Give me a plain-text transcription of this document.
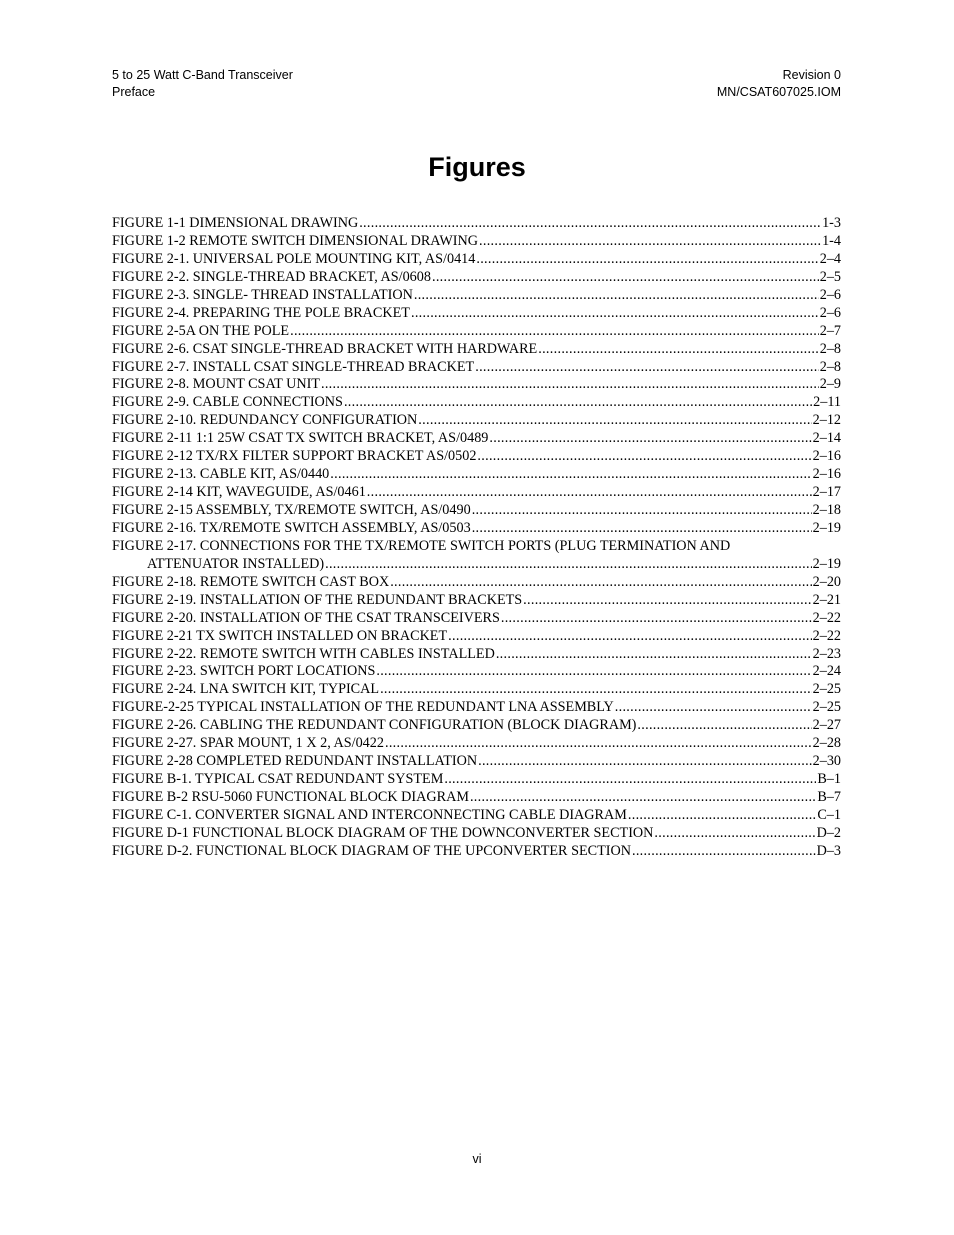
5 to 25 Watt C-Band Transceiver
Preface
Revision 0
MN/CSAT607025.IOM
Figures
FIGURE 1-1 DIMENSIONAL DRAWING .....	1-3
FIGURE 1-2 REMOTE SWITCH DIMENSIONAL DRAWING .....	1-4
FIGURE 2-1. UNIVERSAL POLE MOUNTING KIT, AS/0414 .....	2–4
FIGURE 2-2. SINGLE-THREAD BRACKET, AS/0608 .....	2–5
FIGURE 2-3. SINGLE- THREAD INSTALLATION .....	2–6
FIGURE 2-4. PREPARING THE POLE BRACKET .....	2–6
FIGURE 2-5A ON THE POLE .....	2–7
FIGURE 2-6. CSAT SINGLE-THREAD BRACKET WITH HARDWARE .....	2–8
FIGURE 2-7. INSTALL CSAT SINGLE-THREAD BRACKET .....	2–8
FIGURE 2-8. MOUNT CSAT UNIT .....	2–9
FIGURE 2-9. CABLE CONNECTIONS .....	2–11
FIGURE 2-10. REDUNDANCY CONFIGURATION .....	2–12
FIGURE 2-11 1:1 25W CSAT TX SWITCH BRACKET, AS/0489 .....	2–14
FIGURE 2-12 TX/RX FILTER SUPPORT BRACKET AS/0502 .....	2–16
FIGURE 2-13. CABLE KIT, AS/0440 .....	2–16
FIGURE 2-14 KIT, WAVEGUIDE, AS/0461 .....	2–17
FIGURE 2-15 ASSEMBLY, TX/REMOTE SWITCH, AS/0490 .....	2–18
FIGURE 2-16. TX/REMOTE SWITCH ASSEMBLY, AS/0503 .....	2–19
FIGURE 2-17. CONNECTIONS FOR THE TX/REMOTE SWITCH PORTS (PLUG TERMINATION AND
ATTENUATOR INSTALLED) .....	2–19
FIGURE 2-18. REMOTE SWITCH CAST BOX .....	2–20
FIGURE 2-19. INSTALLATION OF THE REDUNDANT BRACKETS .....	2–21
FIGURE 2-20. INSTALLATION OF THE CSAT TRANSCEIVERS .....	2–22
FIGURE 2-21 TX SWITCH INSTALLED ON BRACKET .....	2–22
FIGURE 2-22. REMOTE SWITCH WITH CABLES INSTALLED .....	2–23
FIGURE 2-23. SWITCH PORT LOCATIONS .....	2–24
FIGURE 2-24. LNA SWITCH KIT, TYPICAL .....	2–25
FIGURE-2-25 TYPICAL INSTALLATION OF THE REDUNDANT LNA ASSEMBLY .....	2–25
FIGURE 2-26. CABLING THE REDUNDANT CONFIGURATION (BLOCK DIAGRAM) .....	2–27
FIGURE 2-27. SPAR MOUNT, 1 X 2, AS/0422 .....	2–28
FIGURE 2-28 COMPLETED REDUNDANT INSTALLATION .....	2–30
FIGURE B-1. TYPICAL CSAT REDUNDANT SYSTEM .....	B–1
FIGURE B-2 RSU-5060 FUNCTIONAL BLOCK DIAGRAM .....	B–7
FIGURE C-1. CONVERTER SIGNAL AND INTERCONNECTING CABLE DIAGRAM .....	C–1
FIGURE D-1 FUNCTIONAL BLOCK DIAGRAM OF THE DOWNCONVERTER SECTION .....	D–2
FIGURE D-2. FUNCTIONAL BLOCK DIAGRAM OF THE UPCONVERTER SECTION .....	D–3
vi
